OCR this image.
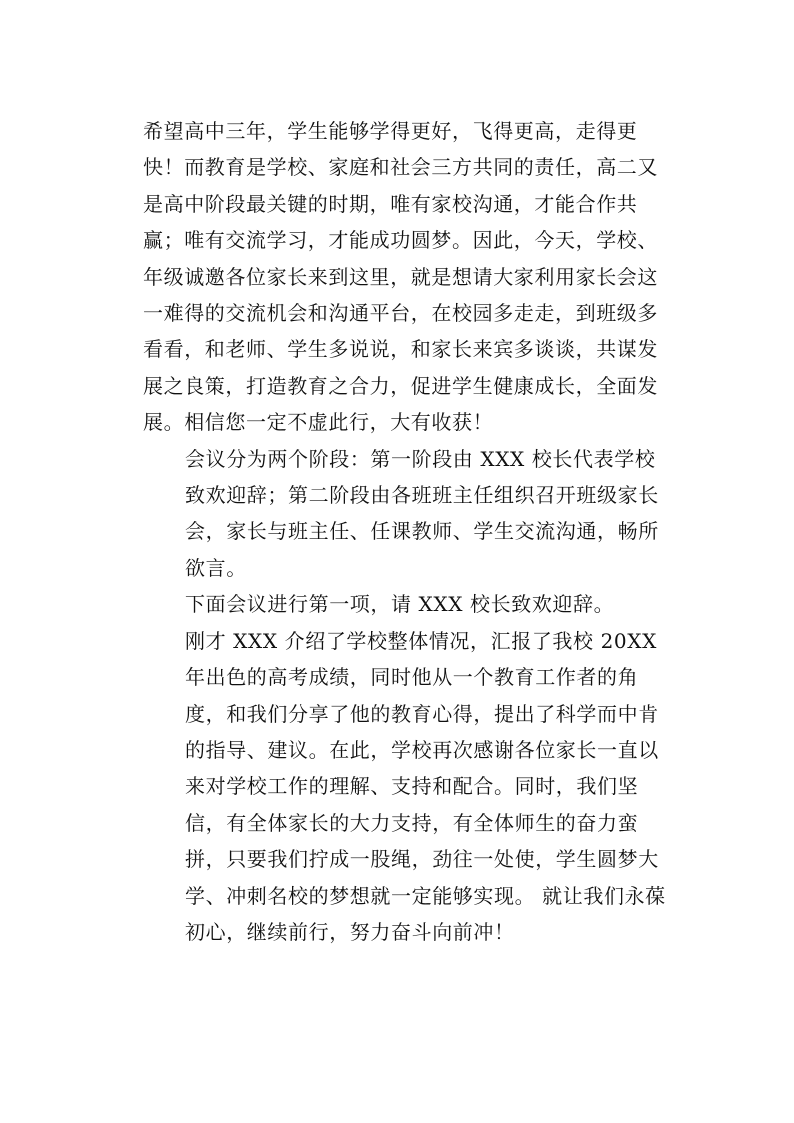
希望高中三年，学生能够学得更好，飞得更高，走得更快！而教育是学校、家庭和社会三方共同的责任，高二又是高中阶段最关键的时期，唯有家校沟通，才能合作共赢；唯有交流学习，才能成功圆梦。因此，今天，学校、年级诚邀各位家长来到这里，就是想请大家利用家长会这一难得的交流机会和沟通平台，在校园多走走，到班级多看看，和老师、学生多说说，和家长来宾多谈谈，共谋发展之良策，打造教育之合力，促进学生健康成长，全面发展。相信您一定不虚此行，大有收获！

会议分为两个阶段：第一阶段由 XXX 校长代表学校致欢迎辞；第二阶段由各班班主任组织召开班级家长会，家长与班主任、任课教师、学生交流沟通，畅所欲言。

下面会议进行第一项，请 XXX 校长致欢迎辞。

刚才 XXX 介绍了学校整体情况，汇报了我校 20XX 年出色的高考成绩，同时他从一个教育工作者的角度，和我们分享了他的教育心得，提出了科学而中肯的指导、建议。在此，学校再次感谢各位家长一直以来对学校工作的理解、支持和配合。同时，我们坚信，有全体家长的大力支持，有全体师生的奋力蛮拼，只要我们拧成一股绳，劲往一处使，学生圆梦大学、冲刺名校的梦想就一定能够实现。 就让我们永葆初心，继续前行，努力奋斗向前冲！
